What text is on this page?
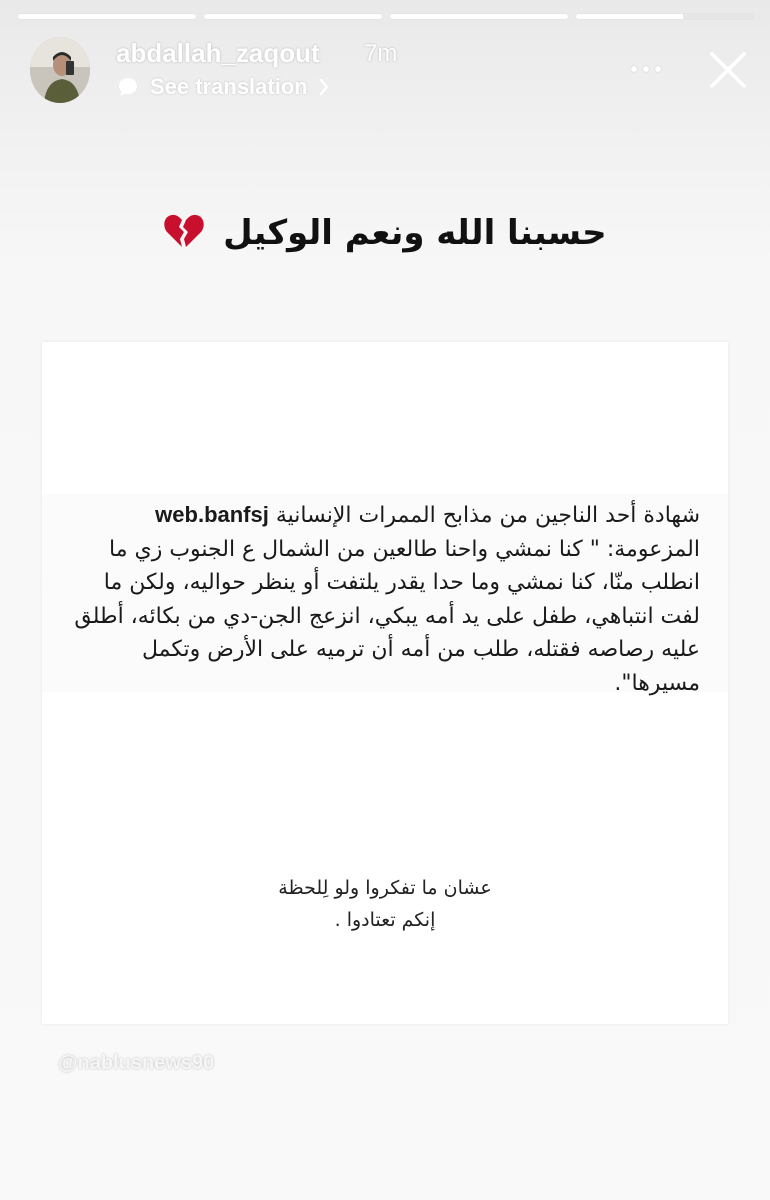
abdallah_zaqout 7m
See translation
حسبنا الله ونعم الوكيل
شهادة أحد الناجين من مذابح الممرات الإنسانية web.banfsj المزعومة: " كنا نمشي واحنا طالعين من الشمال ع الجنوب زي ما انطلب منّا، كنا نمشي وما حدا يقدر يلتفت أو ينظر حواليه، ولكن ما لفت انتباهي، طفل على يد أمه يبكي، انزعج الجن-دي من بكائه، أطلق عليه رصاصه فقتله، طلب من أمه أن ترميه على الأرض وتكمل مسيرها".
عشان ما تفكروا ولو لِلحظة
إنكم تعتادوا .
@nablusnews90
